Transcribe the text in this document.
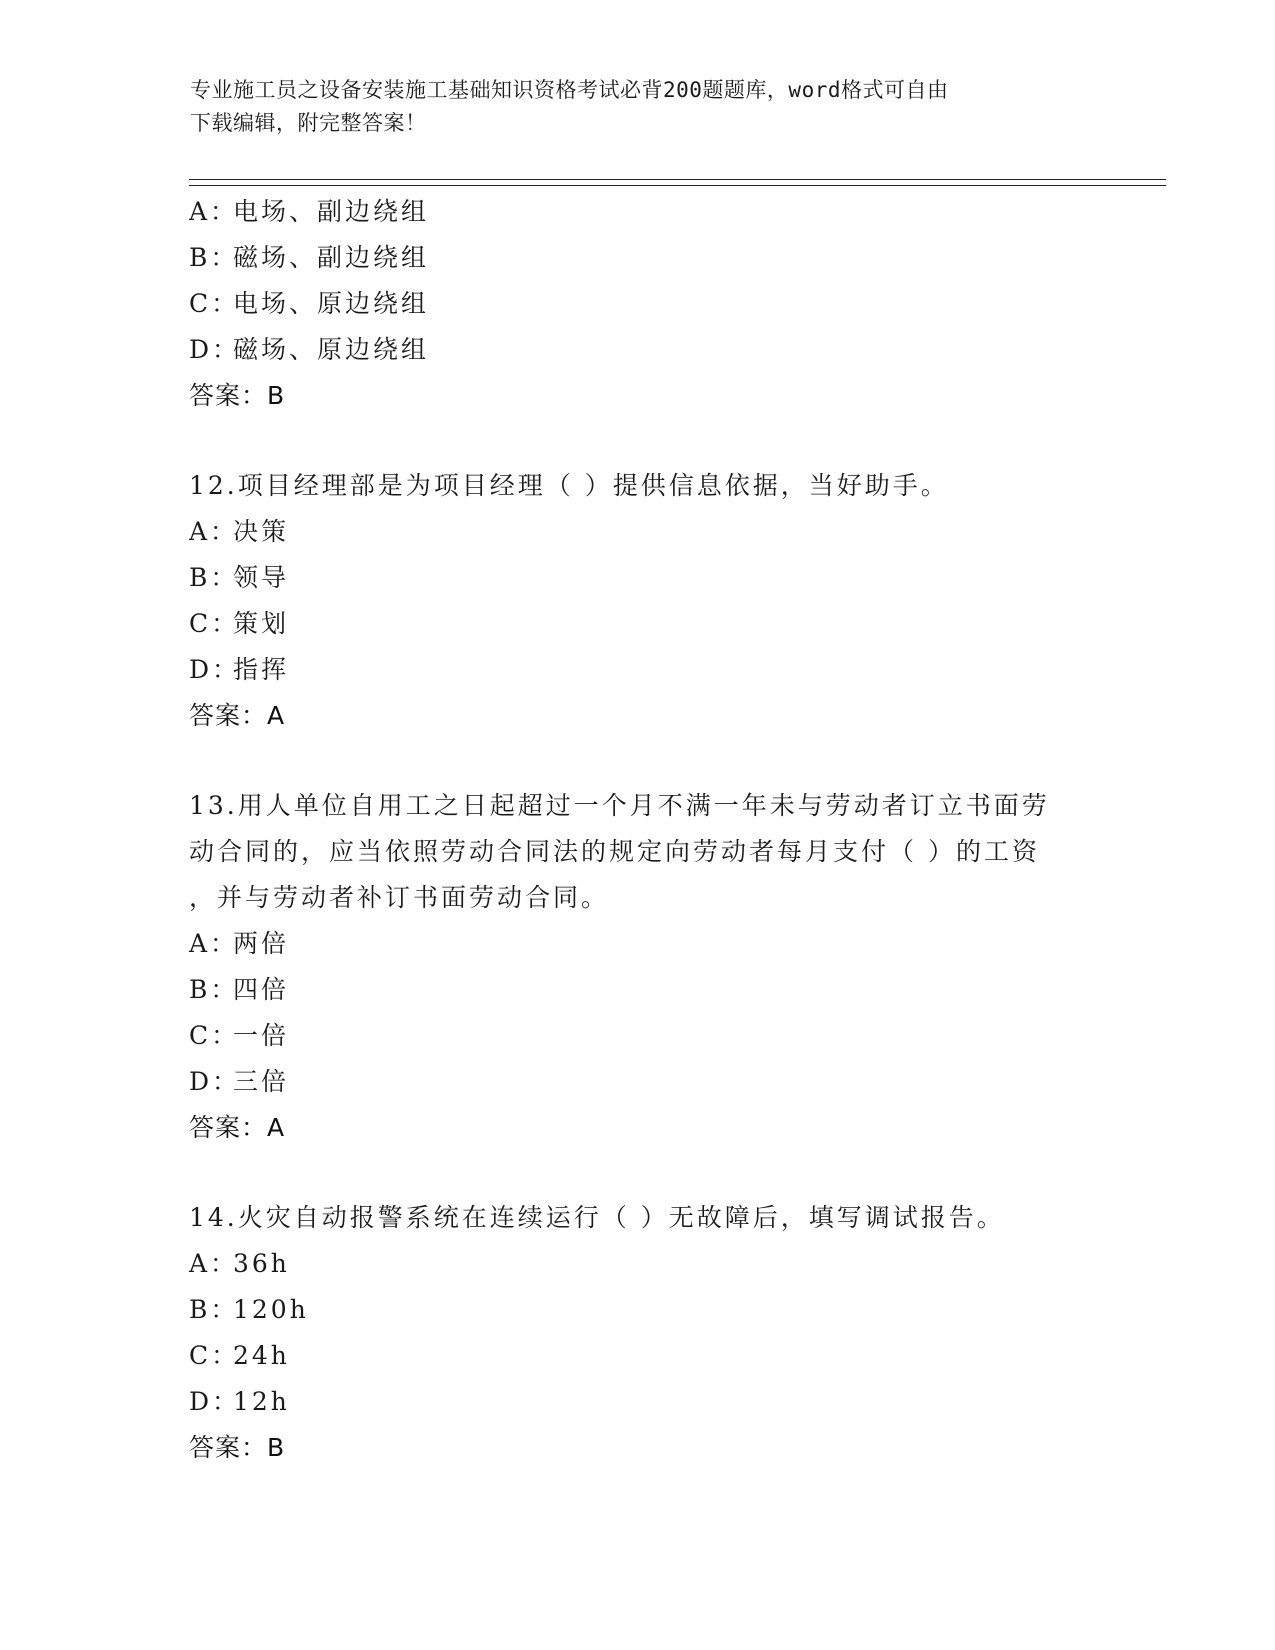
专业施工员之设备安装施工基础知识资格考试必背200题题库，word格式可自由
下载编辑，附完整答案！
A：电场、副边绕组
B：磁场、副边绕组
C：电场、原边绕组
D：磁场、原边绕组
答案：B
12.项目经理部是为项目经理（ ）提供信息依据，当好助手。
A：决策
B：领导
C：策划
D：指挥
答案：A
13.用人单位自用工之日起超过一个月不满一年未与劳动者订立书面劳
动合同的，应当依照劳动合同法的规定向劳动者每月支付（ ）的工资
，并与劳动者补订书面劳动合同。
A：两倍
B：四倍
C：一倍
D：三倍
答案：A
14.火灾自动报警系统在连续运行（ ）无故障后，填写调试报告。
A：36h
B：120h
C：24h
D：12h
答案：B
